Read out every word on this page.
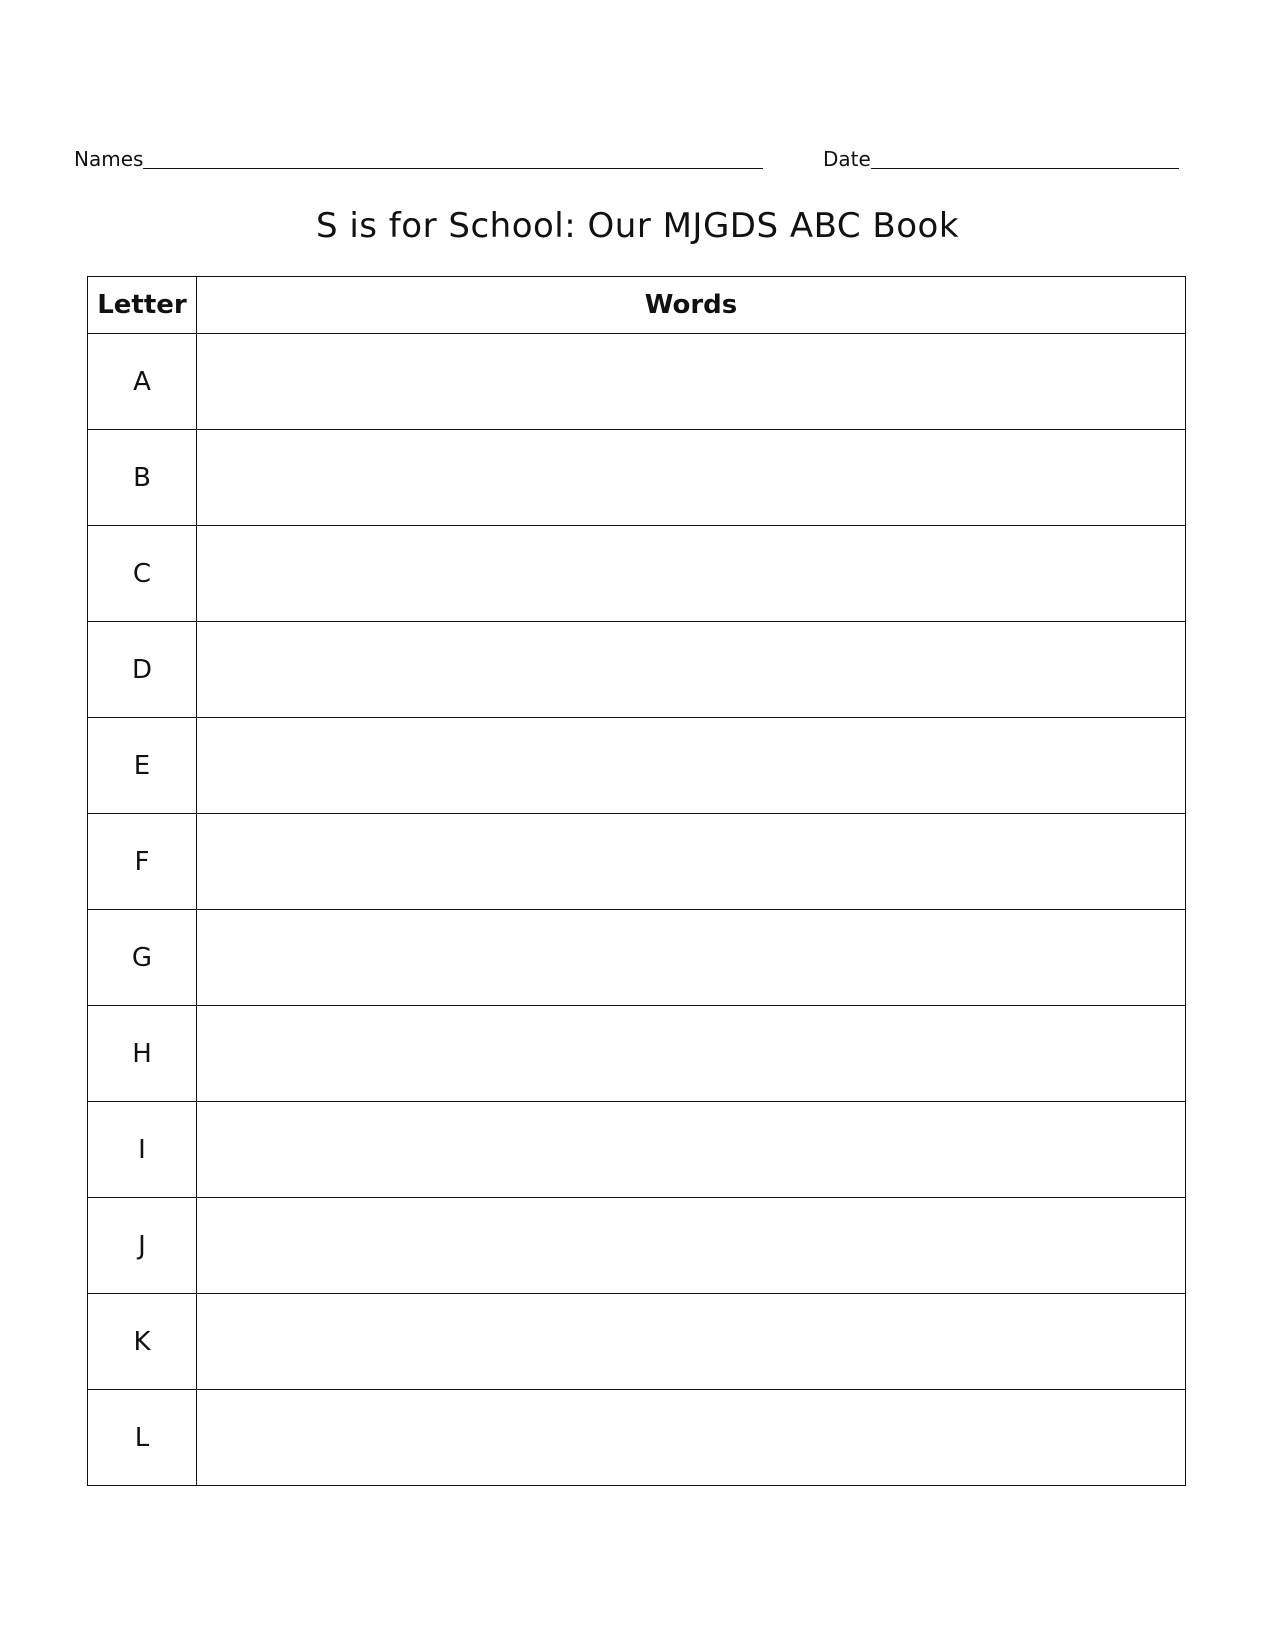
Names	Date
S is for School: Our MJGDS ABC Book
Letter	Words
A	
B	
C	
D	
E	
F	
G	
H	
I	
J	
K	
L	
